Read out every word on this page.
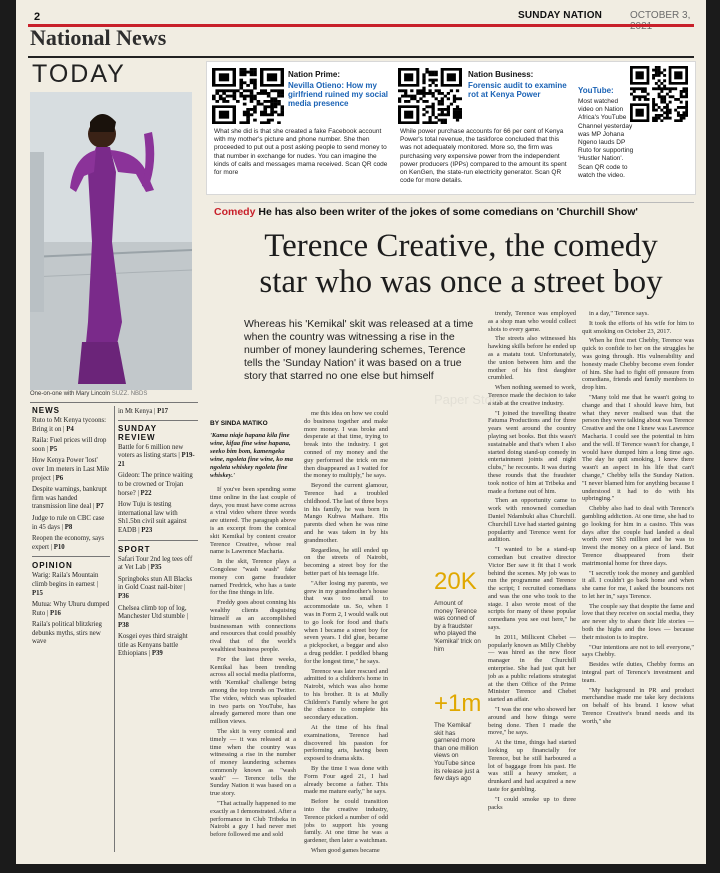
2	SUNDAY NATION	OCTOBER 3,
National News
TODAY
One-on-one with Mary Lincoln SUZZ. NBDS
Nation Prime:
Nevilla Otieno: How my girlfriend ruined my social media presence
What she did is that she created a fake Facebook account with my mother's picture and phone number. She then proceeded to put out a post asking people to send money to that number in exchange for nudes. You can imagine the kinds of calls and messages mama received. Scan QR code for more
Nation Business:
Forensic audit to examine rot at Kenya Power
While power purchase accounts for 66 per cent of Kenya Power's total revenue, the taskforce concluded that this was not adequately monitored. More so, the firm was purchasing very expensive power from the independent power producers (IPPs) compared to the amount its spent on KenGen, the state-run electricity generator. Scan QR code for more details.
YouTube:
Most watched video on Nation Africa's YouTube Channel yesterday was MP Johana Ngeno lauds DP Ruto for supporting 'Hustler Nation'. Scan QR code to watch the video.
Comedy He has also been writer of the jokes of some comedians on 'Churchill Show'
Terence Creative, the comedy
star who was once a street boy
Whereas his 'Kemikal' skit was released at a time when the country was witnessing a rise in the number of money laundering schemes, Terence tells the 'Sunday Nation' it was based on a true story that starred no one else but himself
NEWS
Ruto to Mt Kenya tycoons: Bring it on | P4
Raila: Fuel prices will drop soon | P5
How Kenya Power 'lost' over 1m meters in Last Mile project | P6
Despite warnings, bankrupt firm was handed transmission line deal | P7
Judge to rule on CBC case in 45 days | P8
Reopen the economy, says expert | P10
OPINION
Warig: Raila's Mountain climb begins in earnest | P15
Mutua: Why Uhuru dumped Ruto | P16
Raila's political blitzkrieg debunks myths, stirs new wave
in Mt Kenya | P17
SUNDAY
REVIEW
Battle for 6 million new voters as listing starts | P19-21
Gideon: The prince waiting to be crowned or Trojan horse? | P22
How Tuju is testing international law with Sh1.5bn civil suit against EADB | P23
SPORT
Safari Tour 2nd leg tees off at Vet Lab | P35
Springboks stun All Blacks in Gold Coast nail-biter | P36
Chelsea climb top of log, Manchester Utd stumble | P38
Kosgei eyes third straight title as Kenyans battle Ethiopians | P39
BY SINDA MATIKO
'Kama niaje hapana kila fine wine, kifaa fine wine hapana, seeko bim bom, kamengeka wine, ngoleta fine wine, ko ma ngoleta whiskey ngoleta fine whiskey.'

If you've been spending some time online in the last couple of days, you must have come across a viral video where three words are uttered. The paragraph above is an excerpt from the comical skit Kemikal by content creator Terence Creative, whose real name is Lawrence Macharia.

In the skit, Terence plays a Congolese "wash wash" fake money con game fraudster named Fredrick, who has a taste for the fine things in life.

Freddy goes about conning his wealthy clients disguising himself as an accomplished businessman with connections and resources that could possibly rival that of the world's wealthiest business people.

For the last three weeks, Kemikal has been trending across all social media platforms, with 'Kemikal' challenge being among the top trends on Twitter. The video, which was uploaded in two parts on YouTube, has already garnered more than one million views.

The skit is very comical and timely — it was released at a time when the country was witnessing a rise in the number of money laundering schemes commonly known as "wash wash" — Terence tells the Sunday Nation it was based on a true story.

"That actually happened to me exactly as I demonstrated. After a performance in Club Tribeka in Nairobi a guy I had never met before followed me and sold

me this idea on how we could do business together and make more money. I was broke and desperate at that time, trying to break into the industry. I got conned of my money and the guy performed the trick on me then disappeared as I waited for the money to multiply," he says.

Beyond the current glamour, Terence had a troubled childhood. The last of three boys in his family, he was born in Mango Kubwa Mathare. His parents died when he was nine and he was taken in by his grandmother.

Regardless, he still ended up on the streets of Nairobi, becoming a street boy for the better part of his teenage life.

"After losing my parents, we grew in my grandmother's house that was too small to accommodate us. So, when I was in Form 2, I would walk out to go look for food and that's when I became a street boy for seven years. I did glue, became a pickpocket, a beggar and also a drug peddler. I peddled bhang for the longest time," he says.

Terence was later rescued and admitted to a children's home in Nairobi, which was also home to his brother. It is at Mully Children's Family where he got the chance to complete his secondary education.

At the time of his final examinations, Terence had discovered his passion for performing arts, having been exposed to drama skits.

By the time I was done with Form Four aged 21, I had already become a father. This made me mature early," he says.

Before he could transition into the creative industry, Terence picked a number of odd jobs to support his young family. At one time he was a gardener, then later a watchman.

When good games became

20K
Amount of money Terence was conned of by a fraudster who played the 'Kemikal' trick on him
+1m
The 'Kemikal' skit has garnered more than one million views on YouTube since its release just a few days ago

trendy, Terence was employed as a shop man who would collect shots to every game.

The streets also witnessed his hawking skills before he ended up as a matatu tout. Unfortunately, the union between him and the mother of his first daughter crumbled.

When nothing seemed to work, Terence made the decision to take a stab at the creative industry.

"I joined the travelling theatre Fatuma Productions and for three years went around the country playing set books. But this wasn't sustainable and that's when I also started doing stand-up comedy in entertainment joints and night clubs," he recounts. It was during these rounds that the fraudster took notice of him at Tribeka and made a fortune out of him.

Then an opportunity came to work with renowned comedian Daniel Ndambuki alias Churchill. Churchill Live had started gaining popularity and Terence went for audition.

"I wanted to be a stand-up comedian but creative director Victor Ber saw it fit that I work behind the scenes. My job was to run the programme and Terence the script; I recruited comedians and was the one who took to the stage. I also wrote most of the scripts for many of these popular comedians you see out here," he says.

In 2011, Millicent Chebet — popularly known as Milly Chebby — was hired as the new floor manager in the Churchill enterprise. She had just quit her job as a public relations strategist at the then Office of the Prime Minister Terence and Chebet started an affair.

"I was the one who showed her around and how things were being done. Then I made the move," he says.

At the time, things had started looking up financially for Terence, but he still harboured a lot of baggage from his past. He was still a heavy smoker, a drunkard and had acquired a new taste for gambling.

"I could smoke up to three packs

in a day," Terence says.

It took the efforts of his wife for him to quit smoking on October 23, 2017.

When he first met Chebby, Terence was quick to confide to her on the struggles he was going through. His vulnerability and honesty made Chebby become even fonder of him. She had to fight off pressure from comedians, friends and family members to drop him.

"Many told me that he wasn't going to change and that I should leave him, but what they never realised was that the person they were talking about was Terence Creative and the one I knew was Lawrence Macharia. I could see the potential in him and the will. If Terence wasn't for change, I would have dumped him a long time ago. The day he quit smoking, I knew there wasn't an aspect in his life that can't change," Chebby tells the Sunday Nation. "I never blamed him for anything because I understood it had to do with his upbringing."

Chebby also had to deal with Terence's gambling addiction. At one time, she had to go looking for him in a casino. This was days after the couple had landed a deal worth over Sh3 million and he was to invest the money on a piece of land. But Terence disappeared from their matrimonial home for three days.

"I secretly took the money and gambled it all. I couldn't go back home and when she came for me, I asked the bouncers not to let her in," says Terence.

The couple say that despite the fame and love that they receive on social media, they are never shy to share their life stories — both the highs and the lows — because their mission is to inspire.

"Our intentions are not to tell everyone," says Chebby.

Besides wife duties, Chebby forms an integral part of Terence's investment and team.

"My background in PR and product merchandise made me take key decisions on behalf of his brand. I know what Terence Creative's brand needs and its worth," she

Paper Store
